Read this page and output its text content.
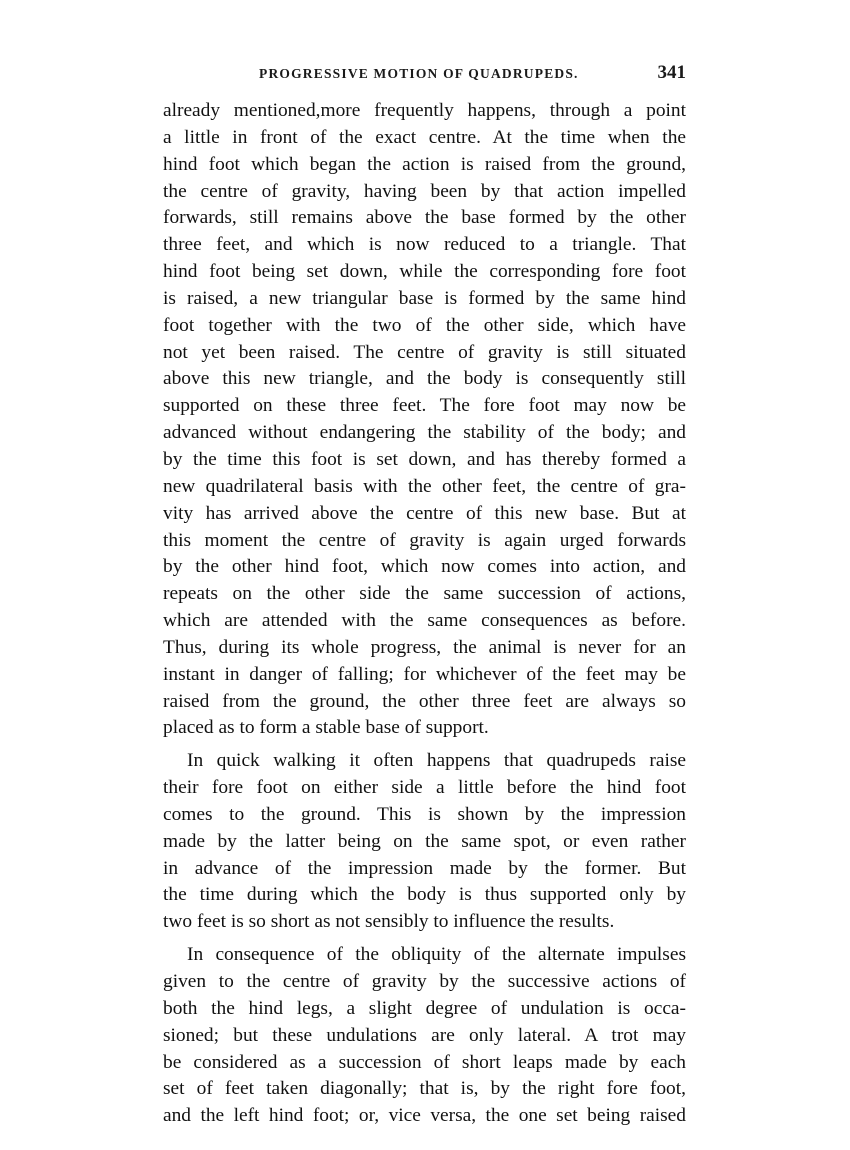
PROGRESSIVE MOTION OF QUADRUPEDS.	341
already mentioned,more frequently happens, through a point
a little in front of the exact centre. At the time when the
hind foot which began the action is raised from the ground,
the centre of gravity, having been by that action impelled
forwards, still remains above the base formed by the other
three feet, and which is now reduced to a triangle. That
hind foot being set down, while the corresponding fore foot
is raised, a new triangular base is formed by the same hind
foot together with the two of the other side, which have
not yet been raised. The centre of gravity is still situated
above this new triangle, and the body is consequently still
supported on these three feet. The fore foot may now be
advanced without endangering the stability of the body; and
by the time this foot is set down, and has thereby formed a
new quadrilateral basis with the other feet, the centre of gra-
vity has arrived above the centre of this new base. But at
this moment the centre of gravity is again urged forwards
by the other hind foot, which now comes into action, and
repeats on the other side the same succession of actions,
which are attended with the same consequences as before.
Thus, during its whole progress, the animal is never for an
instant in danger of falling; for whichever of the feet may be
raised from the ground, the other three feet are always so
placed as to form a stable base of support.
In quick walking it often happens that quadrupeds raise
their fore foot on either side a little before the hind foot
comes to the ground. This is shown by the impression
made by the latter being on the same spot, or even rather
in advance of the impression made by the former. But
the time during which the body is thus supported only by
two feet is so short as not sensibly to influence the results.
In consequence of the obliquity of the alternate impulses
given to the centre of gravity by the successive actions of
both the hind legs, a slight degree of undulation is occa-
sioned; but these undulations are only lateral. A trot may
be considered as a succession of short leaps made by each
set of feet taken diagonally; that is, by the right fore foot,
and the left hind foot; or, vice versa, the one set being raised
